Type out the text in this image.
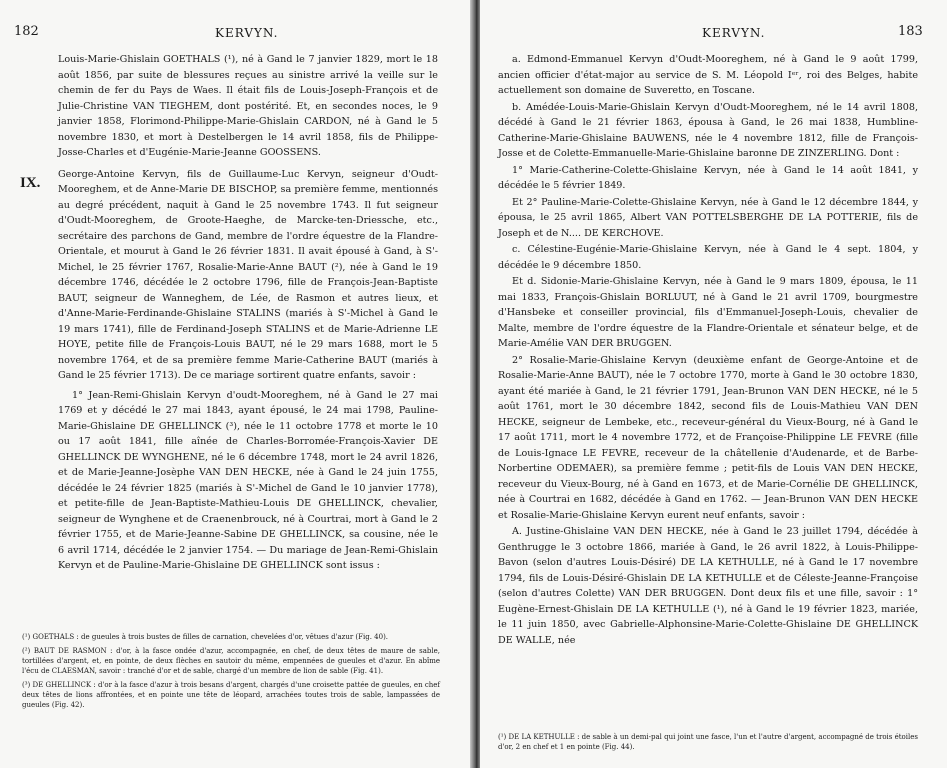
182	KERVYN.
IX.

Louis-Marie-Ghislain GOETHALS (¹), né à Gand le 7 janvier 1829, mort le 18 août 1856, par suite de blessures reçues au sinistre arrivé la veille sur le chemin de fer du Pays de Waes. Il était fils de Louis-Joseph-François et de Julie-Christine VAN TIEGHEM, dont postérité. Et, en secondes noces, le 9 janvier 1858, Florimond-Philippe-Marie-Ghislain CARDON, né à Gand le 5 novembre 1830, et mort à Destelbergen le 14 avril 1858, fils de Philippe-Josse-Charles et d'Eugénie-Marie-Jeanne GOOSSENS.

George-Antoine Kervyn, fils de Guillaume-Luc Kervyn, seigneur d'Oudt-Mooreghem, et de Anne-Marie DE BISCHOP, sa première femme, mentionnés au degré précédent, naquit à Gand le 25 novembre 1743. Il fut seigneur d'Oudt-Mooreghem, de Groote-Haeghe, de Marcke-ten-Driessche, etc., secrétaire des parchons de Gand, membre de l'ordre équestre de la Flandre-Orientale, et mourut à Gand le 26 février 1831. Il avait épousé à Gand, à S'-Michel, le 25 février 1767, Rosalie-Marie-Anne BAUT (²), née à Gand le 19 décembre 1746, décédée le 2 octobre 1796, fille de François-Jean-Baptiste BAUT, seigneur de Wanneghem, de Lée, de Rasmon et autres lieux, et d'Anne-Marie-Ferdinande-Ghislaine STALINS (mariés à S'-Michel à Gand le 19 mars 1741), fille de Ferdinand-Joseph STALINS et de Marie-Adrienne LE HOYE, petite fille de François-Louis BAUT, né le 29 mars 1688, mort le 5 novembre 1764, et de sa première femme Marie-Catherine BAUT (mariés à Gand le 25 février 1713). De ce mariage sortirent quatre enfants, savoir :

1° Jean-Remi-Ghislain Kervyn d'oudt-Mooreghem, né à Gand le 27 mai 1769 et y décédé le 27 mai 1843, ayant épousé, le 24 mai 1798, Pauline-Marie-Ghislaine DE GHELLINCK (³), née le 11 octobre 1778 et morte le 10 ou 17 août 1841, fille aînée de Charles-Borromée-François-Xavier DE GHELLINCK DE WYNGHENE, né le 6 décembre 1748, mort le 24 avril 1826, et de Marie-Jeanne-Josèphe VAN DEN HECKE, née à Gand le 24 juin 1755, décédée le 24 février 1825 (mariés à S'-Michel de Gand le 10 janvier 1778), et petite-fille de Jean-Baptiste-Mathieu-Louis DE GHELLINCK, chevalier, seigneur de Wynghene et de Craenenbrouck, né à Courtrai, mort à Gand le 2 février 1755, et de Marie-Jeanne-Sabine DE GHELLINCK, sa cousine, née le 6 avril 1714, décédée le 2 janvier 1754. — Du mariage de Jean-Remi-Ghislain Kervyn et de Pauline-Marie-Ghislaine DE GHELLINCK sont issus :

(¹) GOETHALS : de gueules à trois bustes de filles de carnation, chevelées d'or, vêtues d'azur (Fig. 40).

(²) BAUT DE RASMON : d'or, à la fasce ondée d'azur, accompagnée, en chef, de deux têtes de maure de sable, tortillées d'argent, et, en pointe, de deux flèches en sautoir du même, empennées de gueules et d'azur. En abîme l'écu de CLAESMAN, savoir : tranché d'or et de sable, chargé d'un membre de lion de sable (Fig. 41).

(³) DE GHELLINCK : d'or à la fasce d'azur à trois besans d'argent, chargés d'une croisette pattée de gueules, en chef deux têtes de lions affrontées, et en pointe une tête de léopard, arrachées toutes trois de sable, lampassées de gueules (Fig. 42).

KERVYN.	183

a. Edmond-Emmanuel Kervyn d'Oudt-Mooreghem, né à Gand le 9 août 1799, ancien officier d'état-major au service de S. M. Léopold Iᵉʳ, roi des Belges, habite actuellement son domaine de Suveretto, en Toscane.

b. Amédée-Louis-Marie-Ghislain Kervyn d'Oudt-Mooreghem, né le 14 avril 1808, décédé à Gand le 21 février 1863, épousa à Gand, le 26 mai 1838, Humbline-Catherine-Marie-Ghislaine BAUWENS, née le 4 novembre 1812, fille de François-Josse et de Colette-Emmanuelle-Marie-Ghislaine baronne DE ZINZERLING. Dont :

1° Marie-Catherine-Colette-Ghislaine Kervyn, née à Gand le 14 août 1841, y décédée le 5 février 1849.

Et 2° Pauline-Marie-Colette-Ghislaine Kervyn, née à Gand le 12 décembre 1844, y épousa, le 25 avril 1865, Albert VAN POTTELSBERGHE DE LA POTTERIE, fils de Joseph et de N.... DE KERCHOVE.

c. Célestine-Eugénie-Marie-Ghislaine Kervyn, née à Gand le 4 sept. 1804, y décédée le 9 décembre 1850.

Et d. Sidonie-Marie-Ghislaine Kervyn, née à Gand le 9 mars 1809, épousa, le 11 mai 1833, François-Ghislain BORLUUT, né à Gand le 21 avril 1709, bourgmestre d'Hansbeke et conseiller provincial, fils d'Emmanuel-Joseph-Louis, chevalier de Malte, membre de l'ordre équestre de la Flandre-Orientale et sénateur belge, et de Marie-Amélie VAN DER BRUGGEN.

2° Rosalie-Marie-Ghislaine Kervyn (deuxième enfant de George-Antoine et de Rosalie-Marie-Anne BAUT), née le 7 octobre 1770, morte à Gand le 30 octobre 1830, ayant été mariée à Gand, le 21 février 1791, Jean-Brunon VAN DEN HECKE, né le 5 août 1761, mort le 30 décembre 1842, second fils de Louis-Mathieu VAN DEN HECKE, seigneur de Lembeke, etc., receveur-général du Vieux-Bourg, né à Gand le 17 août 1711, mort le 4 novembre 1772, et de Françoise-Philippine LE FEVRE (fille de Louis-Ignace LE FEVRE, receveur de la châtellenie d'Audenarde, et de Barbe-Norbertine ODEMAER), sa première femme ; petit-fils de Louis VAN DEN HECKE, receveur du Vieux-Bourg, né à Gand en 1673, et de Marie-Cornélie DE GHELLINCK, née à Courtrai en 1682, décédée à Gand en 1762. — Jean-Brunon VAN DEN HECKE et Rosalie-Marie-Ghislaine Kervyn eurent neuf enfants, savoir :

A. Justine-Ghislaine VAN DEN HECKE, née à Gand le 23 juillet 1794, décédée à Genthrugge le 3 octobre 1866, mariée à Gand, le 26 avril 1822, à Louis-Philippe-Bavon (selon d'autres Louis-Désiré) DE LA KETHULLE, né à Gand le 17 novembre 1794, fils de Louis-Désiré-Ghislain DE LA KETHULLE et de Céleste-Jeanne-Françoise (selon d'autres Colette) VAN DER BRUGGEN. Dont deux fils et une fille, savoir : 1° Eugène-Ernest-Ghislain DE LA KETHULLE (¹), né à Gand le 19 février 1823, mariée, le 11 juin 1850, avec Gabrielle-Alphonsine-Marie-Colette-Ghislaine DE GHELLINCK DE WALLE, née

(¹) DE LA KETHULLE : de sable à un demi-pal qui joint une fasce, l'un et l'autre d'argent, accompagné de trois étoiles d'or, 2 en chef et 1 en pointe (Fig. 44).
